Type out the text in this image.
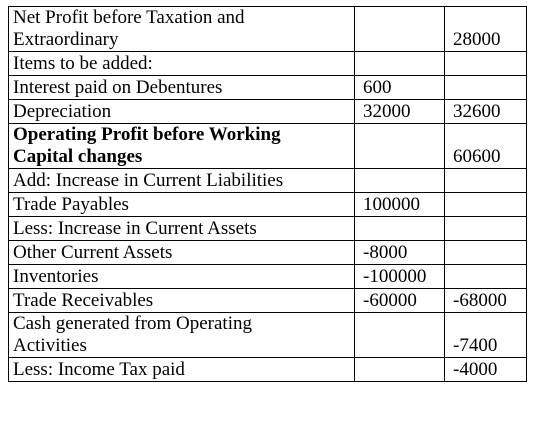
Net Profit before Taxation and
Extraordinary		28000
Items to be added:		
Interest paid on Debentures	600	
Depreciation	32000	32600
Operating Profit before Working
Capital changes		60600
Add: Increase in Current Liabilities		
Trade Payables	100000	
Less: Increase in Current Assets		
Other Current Assets	-8000	
Inventories	-100000	
Trade Receivables	-60000	-68000
Cash generated from Operating
Activities		-7400
Less: Income Tax paid		-4000
